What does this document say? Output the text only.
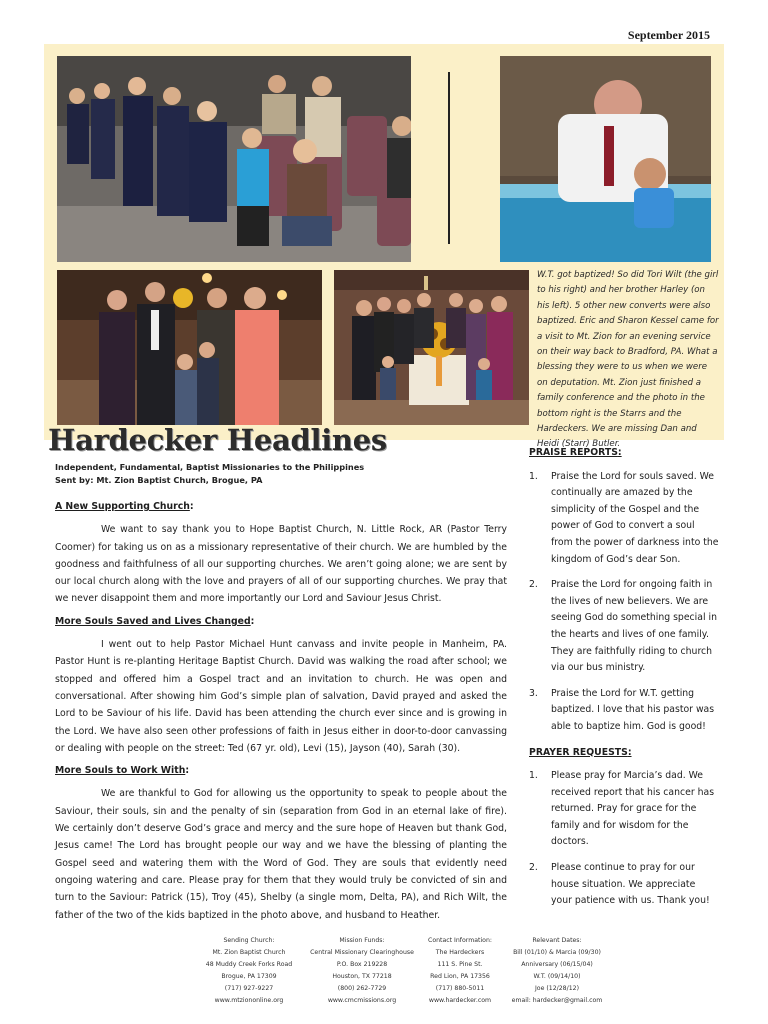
September 2015
W.T. got baptized! So did Tori Wilt (the girl to his right) and her brother Harley (on his left). 5 other new converts were also baptized. Eric and Sharon Kessel came for a visit to Mt. Zion for an evening service on their way back to Bradford, PA. What a blessing they were to us when we were on deputation. Mt. Zion just finished a family conference and the photo in the bottom right is the Starrs and the Hardeckers. We are missing Dan and Heidi (Starr) Butler.
Hardecker Headlines
Independent, Fundamental, Baptist Missionaries to the Philippines
Sent by: Mt. Zion Baptist Church, Brogue, PA
A New Supporting Church:

We want to say thank you to Hope Baptist Church, N. Little Rock, AR (Pastor Terry Coomer) for taking us on as a missionary representative of their church. We are humbled by the goodness and faithfulness of all our supporting churches. We aren’t going alone; we are sent by our local church along with the love and prayers of all of our supporting churches. We pray that we never disappoint them and more importantly our Lord and Saviour Jesus Christ.

More Souls Saved and Lives Changed:

I went out to help Pastor Michael Hunt canvass and invite people in Manheim, PA. Pastor Hunt is re-planting Heritage Baptist Church. David was walking the road after school; we stopped and offered him a Gospel tract and an invitation to church. He was open and conversational. After showing him God’s simple plan of salvation, David prayed and asked the Lord to be Saviour of his life. David has been attending the church ever since and is growing in the Lord. We have also seen other professions of faith in Jesus either in door-to-door canvassing or dealing with people on the street: Ted (67 yr. old), Levi (15), Jayson (40), Sarah (30).

More Souls to Work With:

We are thankful to God for allowing us the opportunity to speak to people about the Saviour, their souls, sin and the penalty of sin (separation from God in an eternal lake of fire). We certainly don’t deserve God’s grace and mercy and the sure hope of Heaven but thank God, Jesus came! The Lord has brought people our way and we have the blessing of planting the Gospel seed and watering them with the Word of God. They are souls that evidently need ongoing watering and care. Please pray for them that they would truly be convicted of sin and turn to the Saviour: Patrick (15), Troy (45), Shelby (a single mom, Delta, PA), and Rich Wilt, the father of the two of the kids baptized in the photo above, and husband to Heather.

PRAISE REPORTS:
1.	Praise the Lord for souls saved. We continually are amazed by the simplicity of the Gospel and the power of God to convert a soul from the power of darkness into the kingdom of God’s dear Son.
2.	Praise the Lord for ongoing faith in the lives of new believers. We are seeing God do something special in the hearts and lives of one family. They are faithfully riding to church via our bus ministry.
3.	Praise the Lord for W.T. getting baptized. I love that his pastor was able to baptize him. God is good!
PRAYER REQUESTS:
1.	Please pray for Marcia’s dad. We received report that his cancer has returned. Pray for grace for the family and for wisdom for the doctors.
2.	Please continue to pray for our house situation. We appreciate your patience with us. Thank you!
Sending Church:
Mt. Zion Baptist Church
48 Muddy Creek Forks Road
Brogue, PA 17309
(717) 927-9227
www.mtziononline.org
Mission Funds:
Central Missionary Clearinghouse
P.O. Box 219228
Houston, TX 77218
(800) 262-7729
www.cmcmissions.org
Contact Information:
The Hardeckers
111 S. Pine St.
Red Lion, PA 17356
(717) 880-5011
www.hardecker.com
Relevant Dates:
Bill (01/10) & Marcia (09/30)
Anniversary (06/15/04)
W.T. (09/14/10)
Joe (12/28/12)
email: hardecker@gmail.com
